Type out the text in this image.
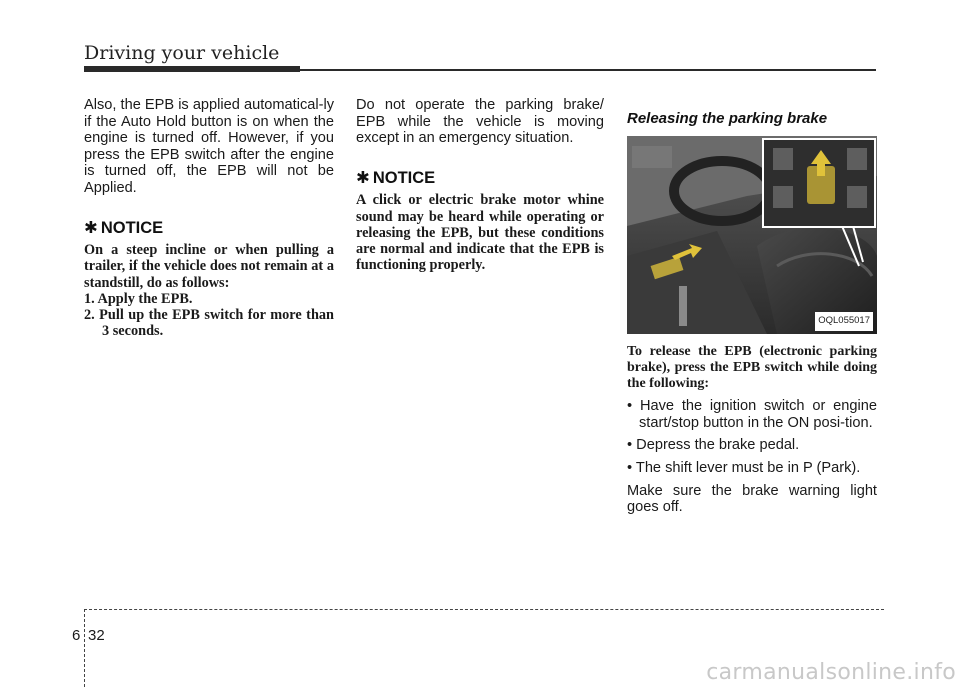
Driving your vehicle

Also, the EPB is applied automatical-ly if the Auto Hold button is on when the engine is turned off. However, if you press the EPB switch after the engine is turned off, the EPB will not be Applied.

✱ NOTICE

On a steep incline or when pulling a trailer, if the vehicle does not remain at a standstill, do as follows:

1. Apply the EPB.

2. Pull up the EPB switch for more than 3 seconds.

Do not operate the parking brake/ EPB while the vehicle is moving except in an emergency situation.

✱ NOTICE

A click or electric brake motor whine sound may be heard while operating or releasing the EPB, but these conditions are normal and indicate that the EPB is functioning properly.

Releasing the parking brake
OQL055017

To release the EPB (electronic parking brake), press the EPB switch while doing the following:

• Have the ignition switch or engine start/stop button in the ON posi-tion.

• Depress the brake pedal.

• The shift lever must be in P (Park).

Make sure the brake warning light goes off.

6 32
carmanualsonline.info
